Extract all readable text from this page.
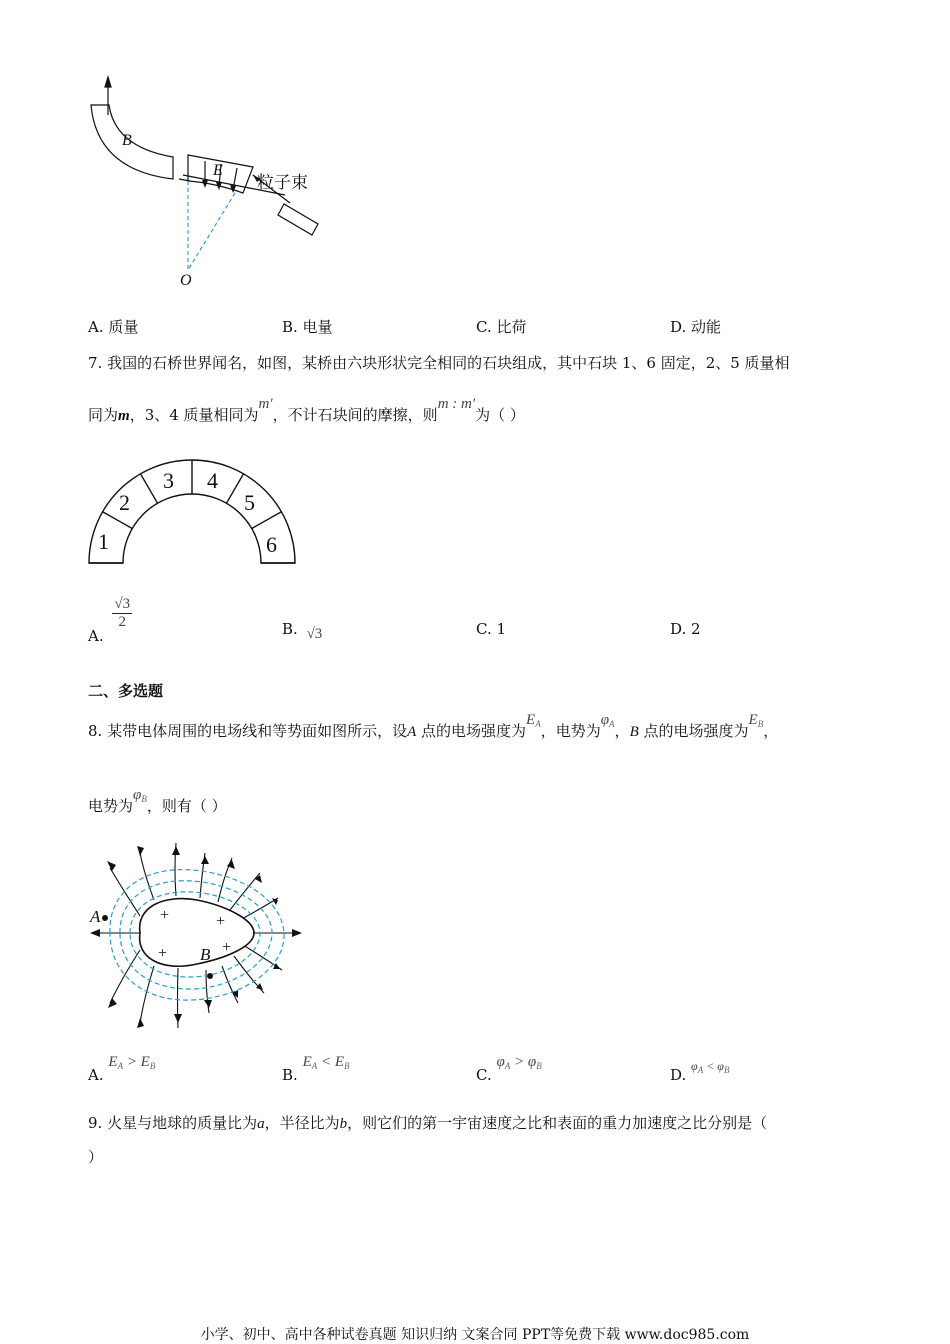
B
E
O
粒子束
A. 质量	B. 电量	C. 比荷	D. 动能
7. 我国的石桥世界闻名，如图，某桥由六块形状完全相同的石块组成，其中石块 1、6 固定，2、5 质量相
同为m，3、4 质量相同为m′，不计石块间的摩擦，则m : m′为（ ）
1
2
3 4
5
6
A.
$\frac{√3}{2}$	B. √3	C. 1	D. 2
二、多选题
8. 某带电体周围的电场线和等势面如图所示，设A 点的电场强度为$E_A$，电势为$\varphi_A$，B 点的电场强度为$E_B$，
电势为$\varphi_B$，则有（ ）
+	+
+	+
A
B
A. $E_A > E_B$	B. $E_A < E_B$	C. $\varphi_A > \varphi_B$	D. $\varphi_A < \varphi_B$
9. 火星与地球的质量比为a，半径比为b，则它们的第一宇宙速度之比和表面的重力加速度之比分别是（
）
小学、初中、高中各种试卷真题 知识归纳 文案合同 PPT等免费下载 www.doc985.com
